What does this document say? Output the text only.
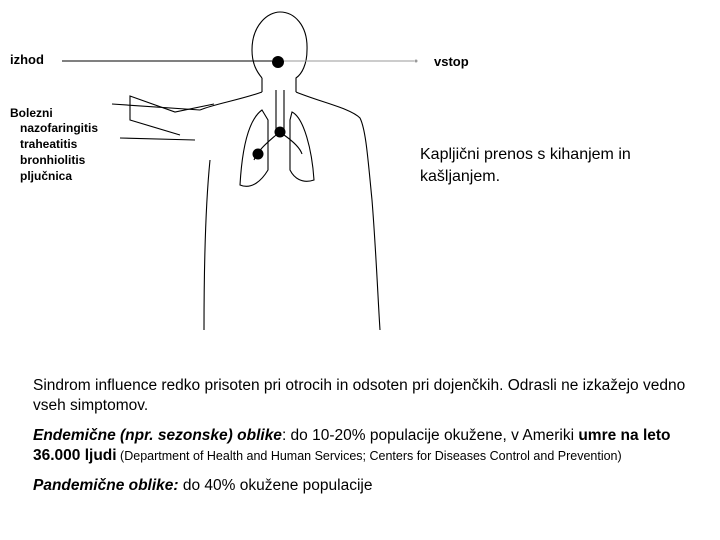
izhod	vstop
Bolezni
nazofaringitis
traheatitis
bronhiolitis
pljučnica
Kapljični prenos s kihanjem in kašljanjem.

Sindrom influence redko prisoten pri otrocih in odsoten pri dojenčkih. Odrasli ne izkažejo vedno vseh simptomov.

Endemične (npr. sezonske) oblike: do 10-20% populacije okužene, v Ameriki umre na leto 36.000 ljudi (Department of Health and Human Services; Centers for Diseases Control and Prevention)

Pandemične oblike: do 40% okužene populacije
